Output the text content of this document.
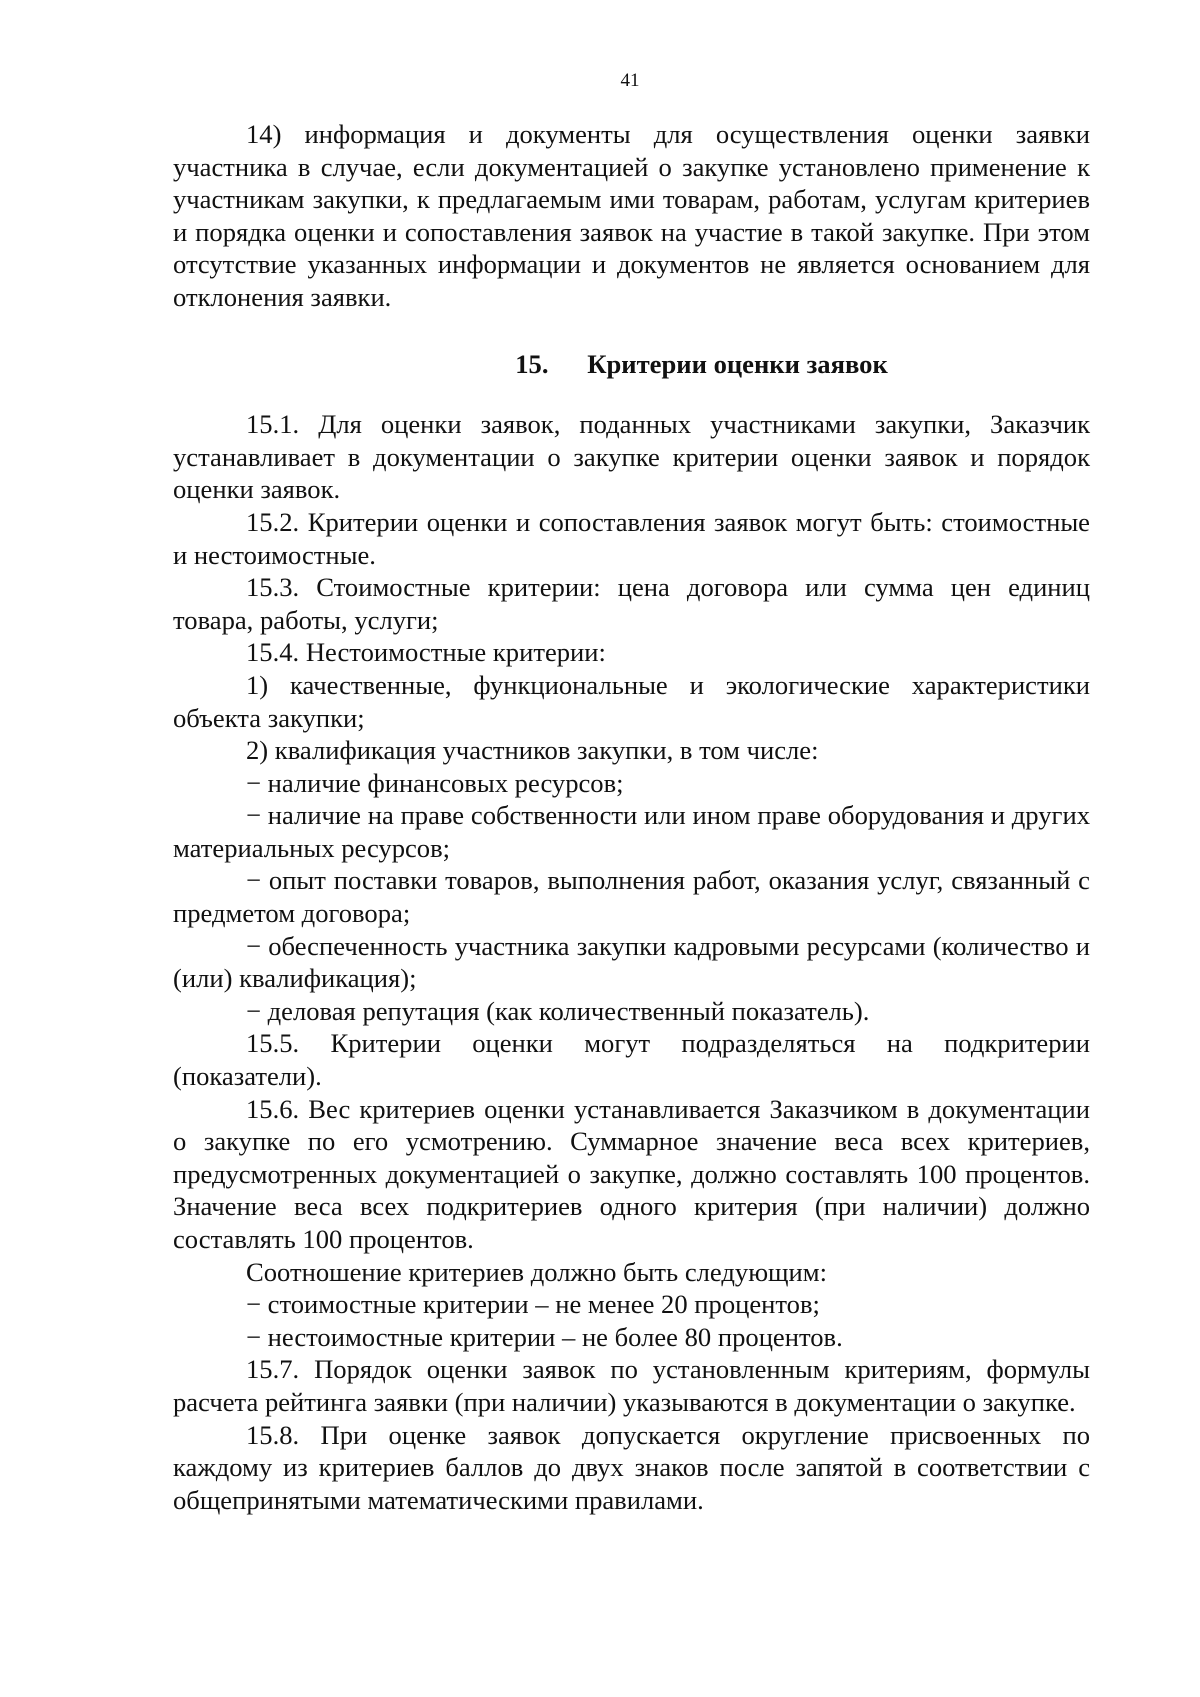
41

14) информация и документы для осуществления оценки заявки участника в случае, если документацией о закупке установлено применение к участникам закупки, к предлагаемым ими товарам, работам, услугам критериев и порядка оценки и сопоставления заявок на участие в такой закупке. При этом отсутствие указанных информации и документов не является основанием для отклонения заявки.

15. Критерии оценки заявок

15.1. Для оценки заявок, поданных участниками закупки, Заказчик устанавливает в документации о закупке критерии оценки заявок и порядок оценки заявок.

15.2. Критерии оценки и сопоставления заявок могут быть: стоимостные и нестоимостные.

15.3. Стоимостные критерии: цена договора или сумма цен единиц товара, работы, услуги;

15.4. Нестоимостные критерии:

1) качественные, функциональные и экологические характеристики объекта закупки;

2) квалификация участников закупки, в том числе:

− наличие финансовых ресурсов;

− наличие на праве собственности или ином праве оборудования и других материальных ресурсов;

− опыт поставки товаров, выполнения работ, оказания услуг, связанный с предметом договора;

− обеспеченность участника закупки кадровыми ресурсами (количество и (или) квалификация);

− деловая репутация (как количественный показатель).

15.5. Критерии оценки могут подразделяться на подкритерии (показатели).

15.6. Вес критериев оценки устанавливается Заказчиком в документации о закупке по его усмотрению. Суммарное значение веса всех критериев, предусмотренных документацией о закупке, должно составлять 100 процентов. Значение веса всех подкритериев одного критерия (при наличии) должно составлять 100 процентов.

Соотношение критериев должно быть следующим:

− стоимостные критерии – не менее 20 процентов;

− нестоимостные критерии – не более 80 процентов.

15.7. Порядок оценки заявок по установленным критериям, формулы расчета рейтинга заявки (при наличии) указываются в документации о закупке.

15.8. При оценке заявок допускается округление присвоенных по каждому из критериев баллов до двух знаков после запятой в соответствии с общепринятыми математическими правилами.
